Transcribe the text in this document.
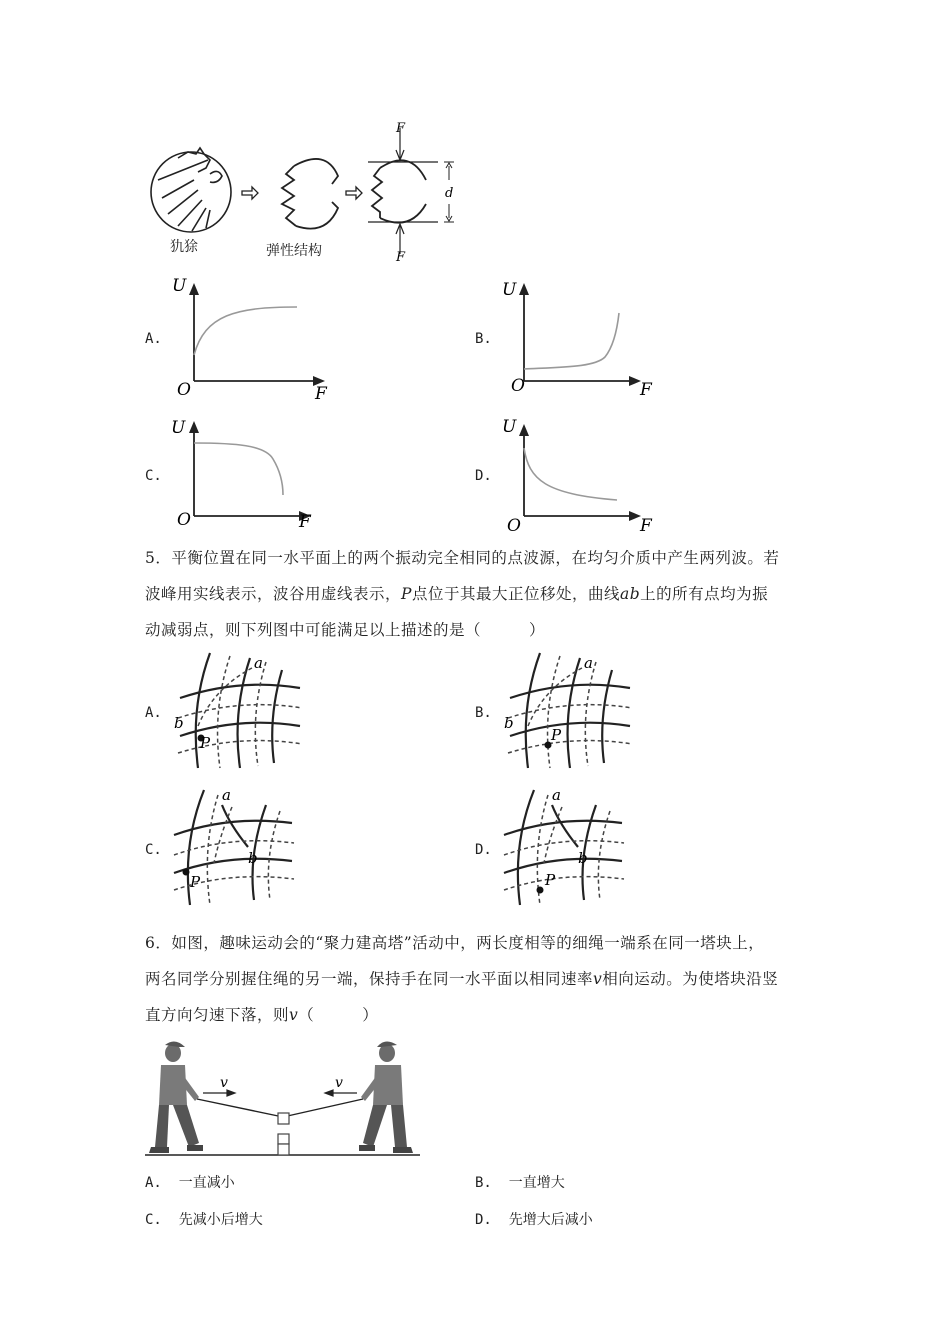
F
F
d
犰狳	弹性结构
A.
U
O	F
B.
U
O	F
C.
U
O	F
D.
U
O	F
5．平衡位置在同一水平面上的两个振动完全相同的点波源，在均匀介质中产生两列波。若
波峰用实线表示，波谷用虚线表示，P点位于其最大正位移处，曲线ab上的所有点均为振
动减弱点，则下列图中可能满足以上描述的是（　　　）
A.
a
b
P
B.
a
b
P
C.
a
b
P
D.
a
b
P
6．如图，趣味运动会的“聚力建高塔”活动中，两长度相等的细绳一端系在同一塔块上，
两名同学分别握住绳的另一端，保持手在同一水平面以相同速率v相向运动。为使塔块沿竖
直方向匀速下落，则v（　　　）
v	v
A. 一直减小	B. 一直增大
C. 先减小后增大	D. 先增大后减小
